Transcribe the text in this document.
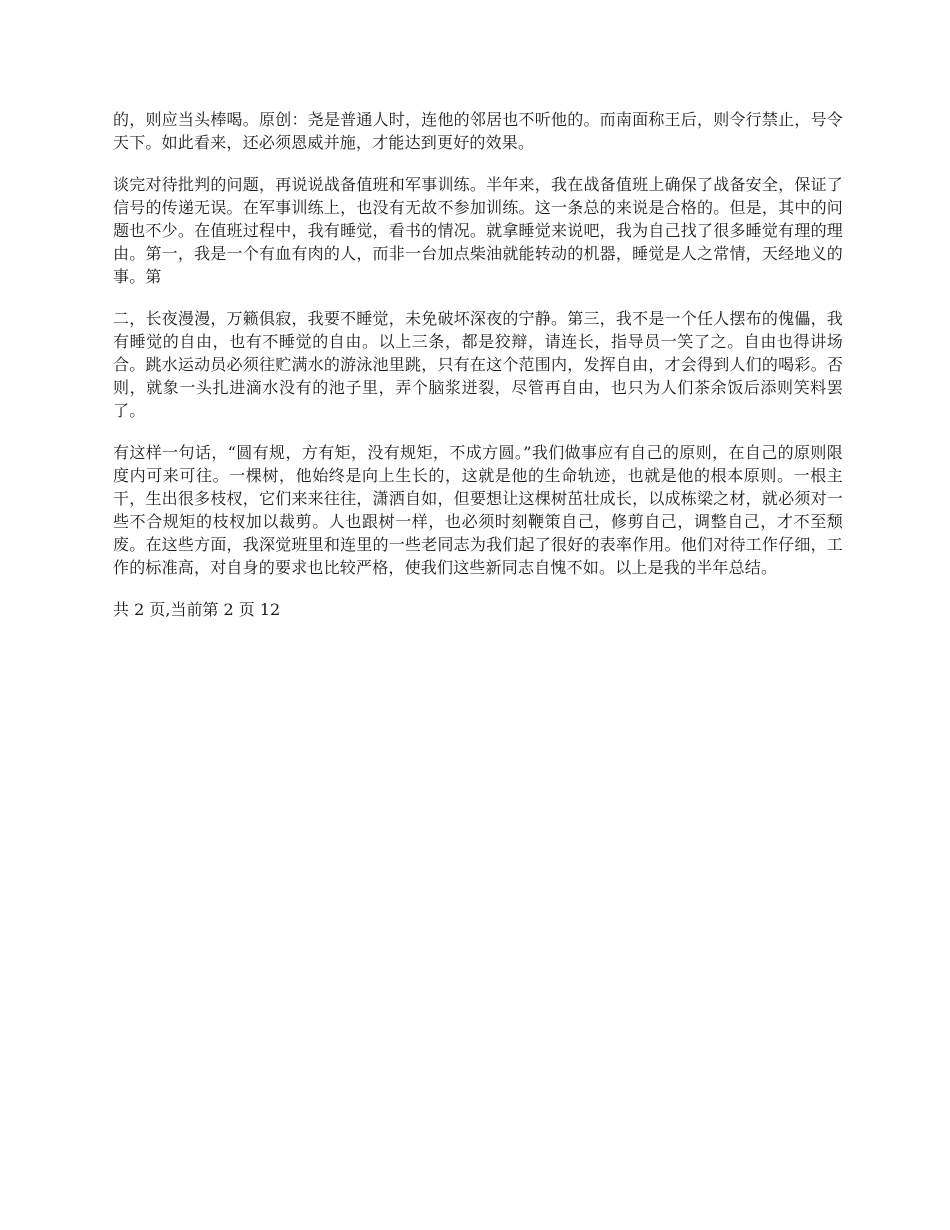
的，则应当头棒喝。原创：尧是普通人时，连他的邻居也不听他的。而南面称王后，则令行禁止，号令天下。如此看来，还必须恩威并施，才能达到更好的效果。

谈完对待批判的问题，再说说战备值班和军事训练。半年来，我在战备值班上确保了战备安全，保证了信号的传递无误。在军事训练上，也没有无故不参加训练。这一条总的来说是合格的。但是，其中的问题也不少。在值班过程中，我有睡觉，看书的情况。就拿睡觉来说吧，我为自己找了很多睡觉有理的理由。第一，我是一个有血有肉的人，而非一台加点柴油就能转动的机器，睡觉是人之常情，天经地义的事。第

二，长夜漫漫，万籁俱寂，我要不睡觉，未免破坏深夜的宁静。第三，我不是一个任人摆布的傀儡，我有睡觉的自由，也有不睡觉的自由。以上三条，都是狡辩，请连长，指导员一笑了之。自由也得讲场合。跳水运动员必须往贮满水的游泳池里跳，只有在这个范围内，发挥自由，才会得到人们的喝彩。否则，就象一头扎进滴水没有的池子里，弄个脑浆迸裂，尽管再自由，也只为人们茶余饭后添则笑料罢了。

有这样一句话，“圆有规，方有矩，没有规矩，不成方圆。”我们做事应有自己的原则，在自己的原则限度内可来可往。一棵树，他始终是向上生长的，这就是他的生命轨迹，也就是他的根本原则。一根主干，生出很多枝杈，它们来来往往，潇洒自如，但要想让这棵树茁壮成长，以成栋梁之材，就必须对一些不合规矩的枝杈加以裁剪。人也跟树一样，也必须时刻鞭策自己，修剪自己，调整自己，才不至颓废。在这些方面，我深觉班里和连里的一些老同志为我们起了很好的表率作用。他们对待工作仔细，工作的标准高，对自身的要求也比较严格，使我们这些新同志自愧不如。以上是我的半年总结。

共 2 页,当前第 2 页 12
